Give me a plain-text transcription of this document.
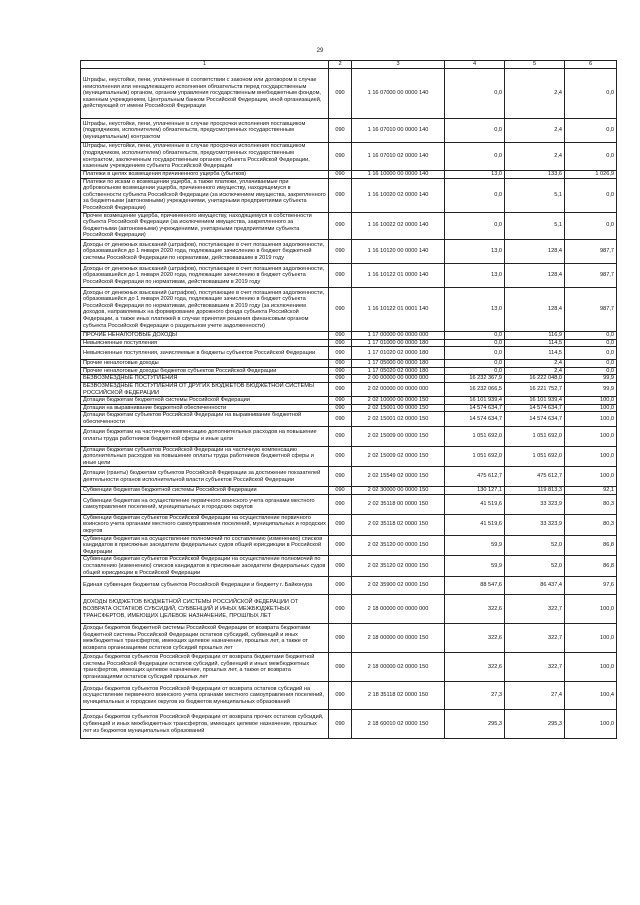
29
1	2	3	4	5	6
Штрафы, неустойки, пени, уплаченные в соответствии с законом или договором в случае неисполнения или ненадлежащего исполнения обязательств перед государственным (муниципальным) органом, органом управления государственным внебюджетным фондом, казенным учреждением, Центральным банком Российской Федерации, иной организацией, действующей от имени Российской Федерации	090	1 16 07000 00 0000 140	0,0	2,4	0,0
Штрафы, неустойки, пени, уплаченные в случае просрочки исполнения поставщиком (подрядчиком, исполнителем) обязательств, предусмотренных государственным (муниципальным) контрактом	090	1 16 07010 00 0000 140	0,0	2,4	0,0
Штрафы, неустойки, пени, уплаченные в случае просрочки исполнения поставщиком (подрядчиком, исполнителем) обязательств, предусмотренных государственным контрактом, заключенным государственным органом субъекта Российской Федерации, казенным учреждением субъекта Российской Федерации	090	1 16 07010 02 0000 140	0,0	2,4	0,0
Платежи в целях возмещения причиненного ущерба (убытков)	090	1 16 10000 00 0000 140	13,0	133,6	1 026,9
Платежи по искам о возмещении ущерба, а также платежи, уплачиваемые при добровольном возмещении ущерба, причиненного имуществу, находящемуся в собственности субъекта Российской Федерации (за исключением имущества, закрепленного за бюджетными (автономными) учреждениями, унитарными предприятиями субъекта Российской Федерации)	090	1 16 10020 02 0000 140	0,0	5,1	0,0
Прочее возмещение ущерба, причиненного имуществу, находящемуся в собственности субъекта Российской Федерации (за исключением имущества, закрепленного за бюджетными (автономными) учреждениями, унитарными предприятиями субъекта Российской Федерации)	090	1 16 10022 02 0000 140	0,0	5,1	0,0
Доходы от денежных взысканий (штрафов), поступающие в счет погашения задолженности, образовавшейся до 1 января 2020 года, подлежащие зачислению в бюджет бюджетной системы Российской Федерации по нормативам, действовавшим в 2019 году	090	1 16 10120 00 0000 140	13,0	128,4	987,7
Доходы от денежных взысканий (штрафов), поступающие в счет погашения задолженности, образовавшейся до 1 января 2020 года, подлежащие зачислению в бюджет субъекта Российской Федерации по нормативам, действовавшим в 2019 году	090	1 16 10122 01 0000 140	13,0	128,4	987,7
Доходы от денежных взысканий (штрафов), поступающие в счет погашения задолженности, образовавшейся до 1 января 2020 года, подлежащие зачислению в бюджет субъекта Российской Федерации по нормативам, действовавшим в 2019 году (за исключением доходов, направляемых на формирование дорожного фонда субъекта Российской Федерации, а также иных платежей в случае принятия решения финансовым органом субъекта Российской Федерации о раздельном учете задолженности)	090	1 16 10122 01 0001 140	13,0	128,4	987,7
ПРОЧИЕ НЕНАЛОГОВЫЕ ДОХОДЫ	090	1 17 00000 00 0000 000	0,0	116,9	0,0
Невыясненные поступления	090	1 17 01000 00 0000 180	0,0	114,5	0,0
Невыясненные поступления, зачисляемые в бюджеты субъектов Российской Федерации	090	1 17 01020 02 0000 180	0,0	114,5	0,0
Прочие неналоговые доходы	090	1 17 05000 00 0000 180	0,0	2,4	0,0
Прочие неналоговые доходы бюджетов субъектов Российской Федерации	090	1 17 05020 02 0000 180	0,0	2,4	0,0
БЕЗВОЗМЕЗДНЫЕ ПОСТУПЛЕНИЯ	090	2 00 00000 00 0000 000	16 232 367,9	16 222 048,0	99,9
БЕЗВОЗМЕЗДНЫЕ ПОСТУПЛЕНИЯ ОТ ДРУГИХ БЮДЖЕТОВ БЮДЖЕТНОЙ СИСТЕМЫ РОССИЙСКОЙ ФЕДЕРАЦИИ	090	2 02 00000 00 0000 000	16 232 066,5	16 221 752,7	99,9
Дотации бюджетам бюджетной системы Российской Федерации	090	2 02 10000 00 0000 150	16 101 939,4	16 101 939,4	100,0
Дотации на выравнивание бюджетной обеспеченности	090	2 02 15001 00 0000 150	14 574 634,7	14 574 634,7	100,0
Дотации бюджетам субъектов Российской Федерации на выравнивание бюджетной обеспеченности	090	2 02 15001 02 0000 150	14 574 634,7	14 574 634,7	100,0
Дотации бюджетам на частичную компенсацию дополнительных расходов на повышение оплаты труда работников бюджетной сферы и иные цели	090	2 02 15009 00 0000 150	1 051 692,0	1 051 692,0	100,0
Дотации бюджетам субъектов Российской Федерации на частичную компенсацию дополнительных расходов на повышение оплаты труда работников бюджетной сферы и иные цели	090	2 02 15009 02 0000 150	1 051 692,0	1 051 692,0	100,0
Дотации (гранты) бюджетам субъектов Российской Федерации за достижение показателей деятельности органов исполнительной власти субъектов Российской Федерации	090	2 02 15549 02 0000 150	475 612,7	475 612,7	100,0
Субвенции бюджетам бюджетной системы Российской Федерации	090	2 02 30000 00 0000 150	130 127,1	119 813,3	92,1
Субвенции бюджетам на осуществление первичного воинского учета органами местного самоуправления поселений, муниципальных и городских округов	090	2 02 35118 00 0000 150	41 519,6	33 323,9	80,3
Субвенции бюджетам субъектов Российской Федерации на осуществление первичного воинского учета органами местного самоуправления поселений, муниципальных и городских округов	090	2 02 35118 02 0000 150	41 519,6	33 323,9	80,3
Субвенции бюджетам на осуществление полномочий по составлению (изменению) списков кандидатов в присяжные заседатели федеральных судов общей юрисдикции в Российской Федерации	090	2 02 35120 00 0000 150	59,9	52,0	86,8
Субвенции бюджетам субъектов Российской Федерации на осуществление полномочий по составлению (изменению) списков кандидатов в присяжные заседатели федеральных судов общей юрисдикции в Российской Федерации	090	2 02 35120 02 0000 150	59,9	52,0	86,8
Единая субвенция бюджетам субъектов Российской Федерации и бюджету г. Байконура	090	2 02 35900 02 0000 150	88 547,6	86 437,4	97,6
ДОХОДЫ БЮДЖЕТОВ БЮДЖЕТНОЙ СИСТЕМЫ РОССИЙСКОЙ ФЕДЕРАЦИИ ОТ ВОЗВРАТА ОСТАТКОВ СУБСИДИЙ, СУБВЕНЦИЙ И ИНЫХ МЕЖБЮДЖЕТНЫХ ТРАНСФЕРТОВ, ИМЕЮЩИХ ЦЕЛЕВОЕ НАЗНАЧЕНИЕ, ПРОШЛЫХ ЛЕТ	090	2 18 00000 00 0000 000	322,6	322,7	100,0
Доходы бюджетов бюджетной системы Российской Федерации от возврата бюджетами бюджетной системы Российской Федерации остатков субсидий, субвенций и иных межбюджетных трансфертов, имеющих целевое назначение, прошлых лет, а также от возврата организациями остатков субсидий прошлых лет	090	2 18 00000 00 0000 150	322,6	322,7	100,0
Доходы бюджетов субъектов Российской Федерации от возврата бюджетами бюджетной системы Российской Федерации остатков субсидий, субвенций и иных межбюджетных трансфертов, имеющих целевое назначение, прошлых лет, а также от возврата организациями остатков субсидий прошлых лет	090	2 18 00000 02 0000 150	322,6	322,7	100,0
Доходы бюджетов субъектов Российской Федерации от возврата остатков субсидий на осуществление первичного воинского учета органами местного самоуправления поселений, муниципальных и городских округов из бюджетов муниципальных образований	090	2 18 35118 02 0000 150	27,3	27,4	100,4
Доходы бюджетов субъектов Российской Федерации от возврата прочих остатков субсидий, субвенций и иных межбюджетных трансфертов, имеющих целевое назначение, прошлых лет из бюджетов муниципальных образований	090	2 18 60010 02 0000 150	295,3	295,3	100,0
